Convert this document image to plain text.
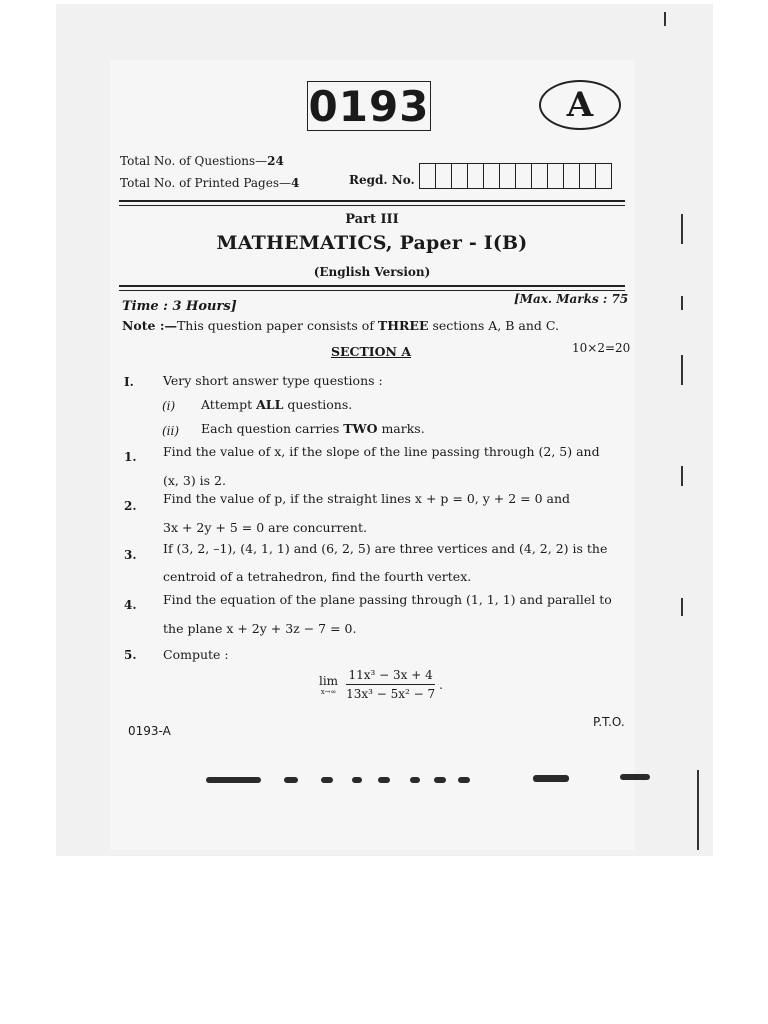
0193	A
Total No. of Questions—24
Total No. of Printed Pages—4	Regd. No.
Part III
MATHEMATICS, Paper - I(B)
(English Version)
Time : 3 Hours]	[Max. Marks : 75
Note :—This question paper consists of THREE sections A, B and C.
SECTION A	10×2=20
I. Very short answer type questions :
(i) Attempt ALL questions.
(ii) Each question carries TWO marks.
1. Find the value of x, if the slope of the line passing through (2, 5) and
(x, 3) is 2.
2. Find the value of p, if the straight lines x + p = 0, y + 2 = 0 and
3x + 2y + 5 = 0 are concurrent.
3. If (3, 2, –1), (4, 1, 1) and (6, 2, 5) are three vertices and (4, 2, 2) is the
centroid of a tetrahedron, find the fourth vertex.
4. Find the equation of the plane passing through (1, 1, 1) and parallel to
the plane x + 2y + 3z − 7 = 0.
5. Compute :
lim
$x\to\infty \frac{\text{11x³ − 3x + 4}}{\text{13x³ − 5x² − 7}}$ .
0193-A
P.T.O.
